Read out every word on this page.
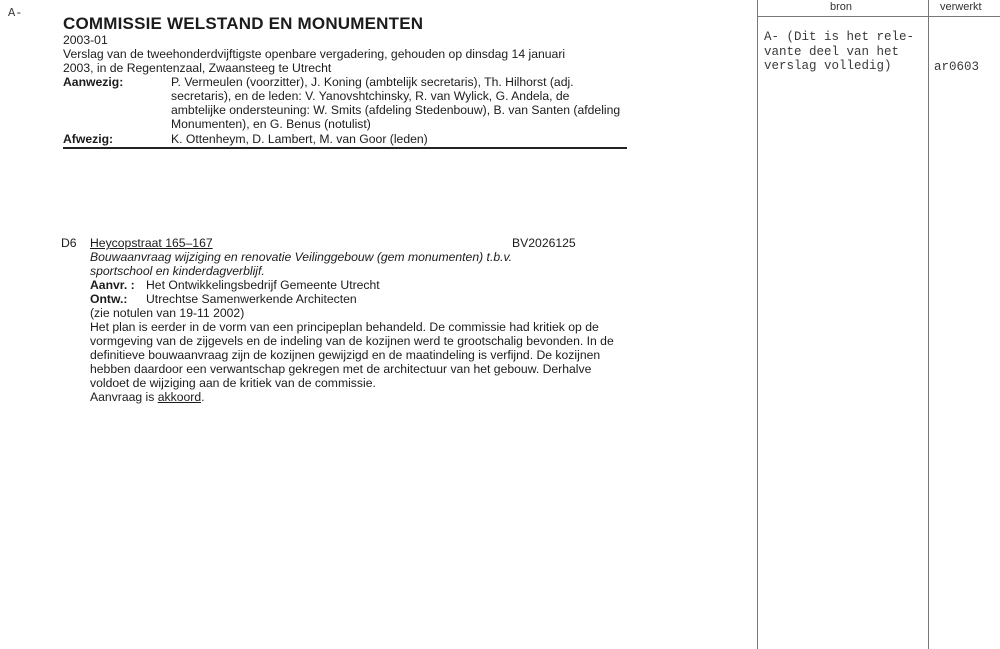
A-	bron	verwerkt
A- (Dit is het rele-
vante deel van het
verslag volledig)	ar0603
COMMISSIE WELSTAND EN MONUMENTEN
2003-01
Verslag van de tweehonderdvijftigste openbare vergadering, gehouden op dinsdag 14 januari
2003, in de Regentenzaal, Zwaansteeg te Utrecht
Aanwezig:	P. Vermeulen (voorzitter), J. Koning (ambtelijk secretaris), Th. Hilhorst (adj. secretaris), en de leden: V. Yanovshtchinsky, R. van Wylick, G. Andela, de ambtelijke ondersteuning: W. Smits (afdeling Stedenbouw), B. van Santen (afdeling Monumenten), en G. Benus (notulist)
Afwezig:	K. Ottenheym, D. Lambert, M. van Goor (leden)
D6 Heycopstraat 165–167	BV2026125
Bouwaanvraag wijziging en renovatie Veilinggebouw (gem monumenten) t.b.v.
sportschool en kinderdagverblijf.
Aanvr. : Het Ontwikkelingsbedrijf Gemeente Utrecht
Ontw.: Utrechtse Samenwerkende Architecten
(zie notulen van 19-11 2002)
Het plan is eerder in de vorm van een principeplan behandeld. De commissie had kritiek op de vormgeving van de zijgevels en de indeling van de kozijnen werd te grootschalig bevonden. In de definitieve bouwaanvraag zijn de kozijnen gewijzigd en de maatindeling is verfijnd. De kozijnen hebben daardoor een verwantschap gekregen met de architectuur van het gebouw. Derhalve voldoet de wijziging aan de kritiek van de commissie.
Aanvraag is akkoord.
